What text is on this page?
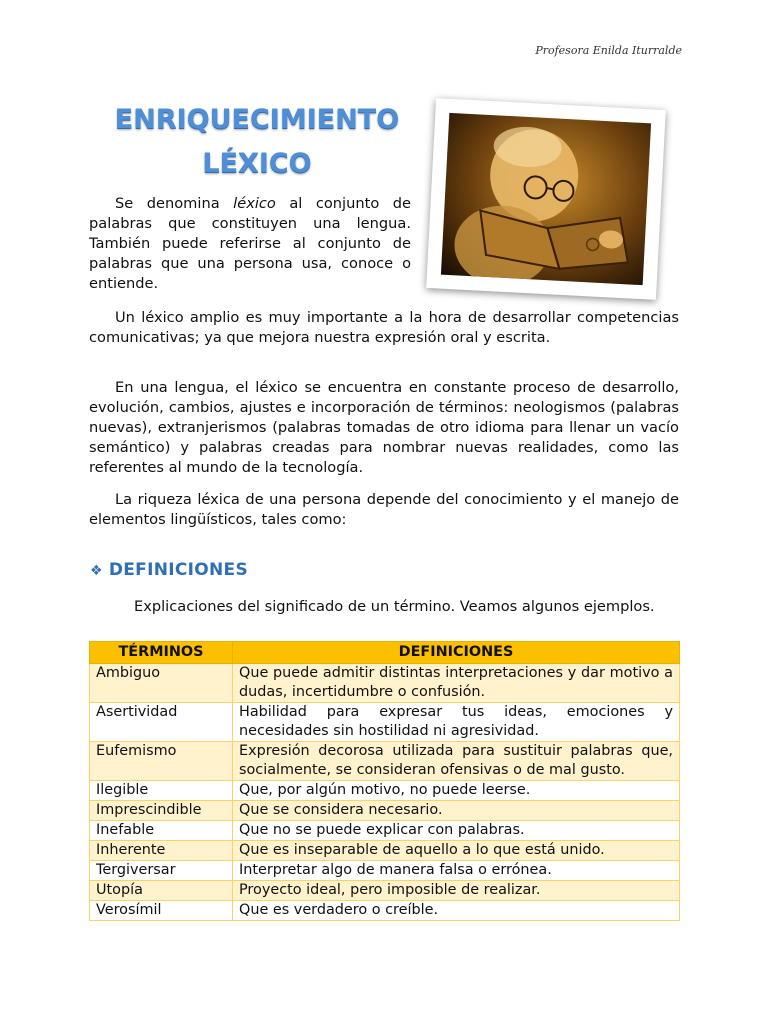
Profesora Enilda Iturralde
ENRIQUECIMIENTO
LÉXICO

Se denomina léxico al conjunto de palabras que constituyen una lengua. También puede referirse al conjunto de palabras que una persona usa, conoce o entiende.

Un léxico amplio es muy importante a la hora de desarrollar competencias comunicativas; ya que mejora nuestra expresión oral y escrita.

En una lengua, el léxico se encuentra en constante proceso de desarrollo, evolución, cambios, ajustes e incorporación de términos: neologismos (palabras nuevas), extranjerismos (palabras tomadas de otro idioma para llenar un vacío semántico) y palabras creadas para nombrar nuevas realidades, como las referentes al mundo de la tecnología.

La riqueza léxica de una persona depende del conocimiento y el manejo de elementos lingüísticos, tales como:

❖ DEFINICIONES
Explicaciones del significado de un término. Veamos algunos ejemplos.
TÉRMINOS	DEFINICIONES
Ambiguo	Que puede admitir distintas interpretaciones y dar motivo a dudas, incertidumbre o confusión.
Asertividad	Habilidad para expresar tus ideas, emociones y necesidades sin hostilidad ni agresividad.
Eufemismo	Expresión decorosa utilizada para sustituir palabras que, socialmente, se consideran ofensivas o de mal gusto.
Ilegible	Que, por algún motivo, no puede leerse.
Imprescindible	Que se considera necesario.
Inefable	Que no se puede explicar con palabras.
Inherente	Que es inseparable de aquello a lo que está unido.
Tergiversar	Interpretar algo de manera falsa o errónea.
Utopía	Proyecto ideal, pero imposible de realizar.
Verosímil	Que es verdadero o creíble.
